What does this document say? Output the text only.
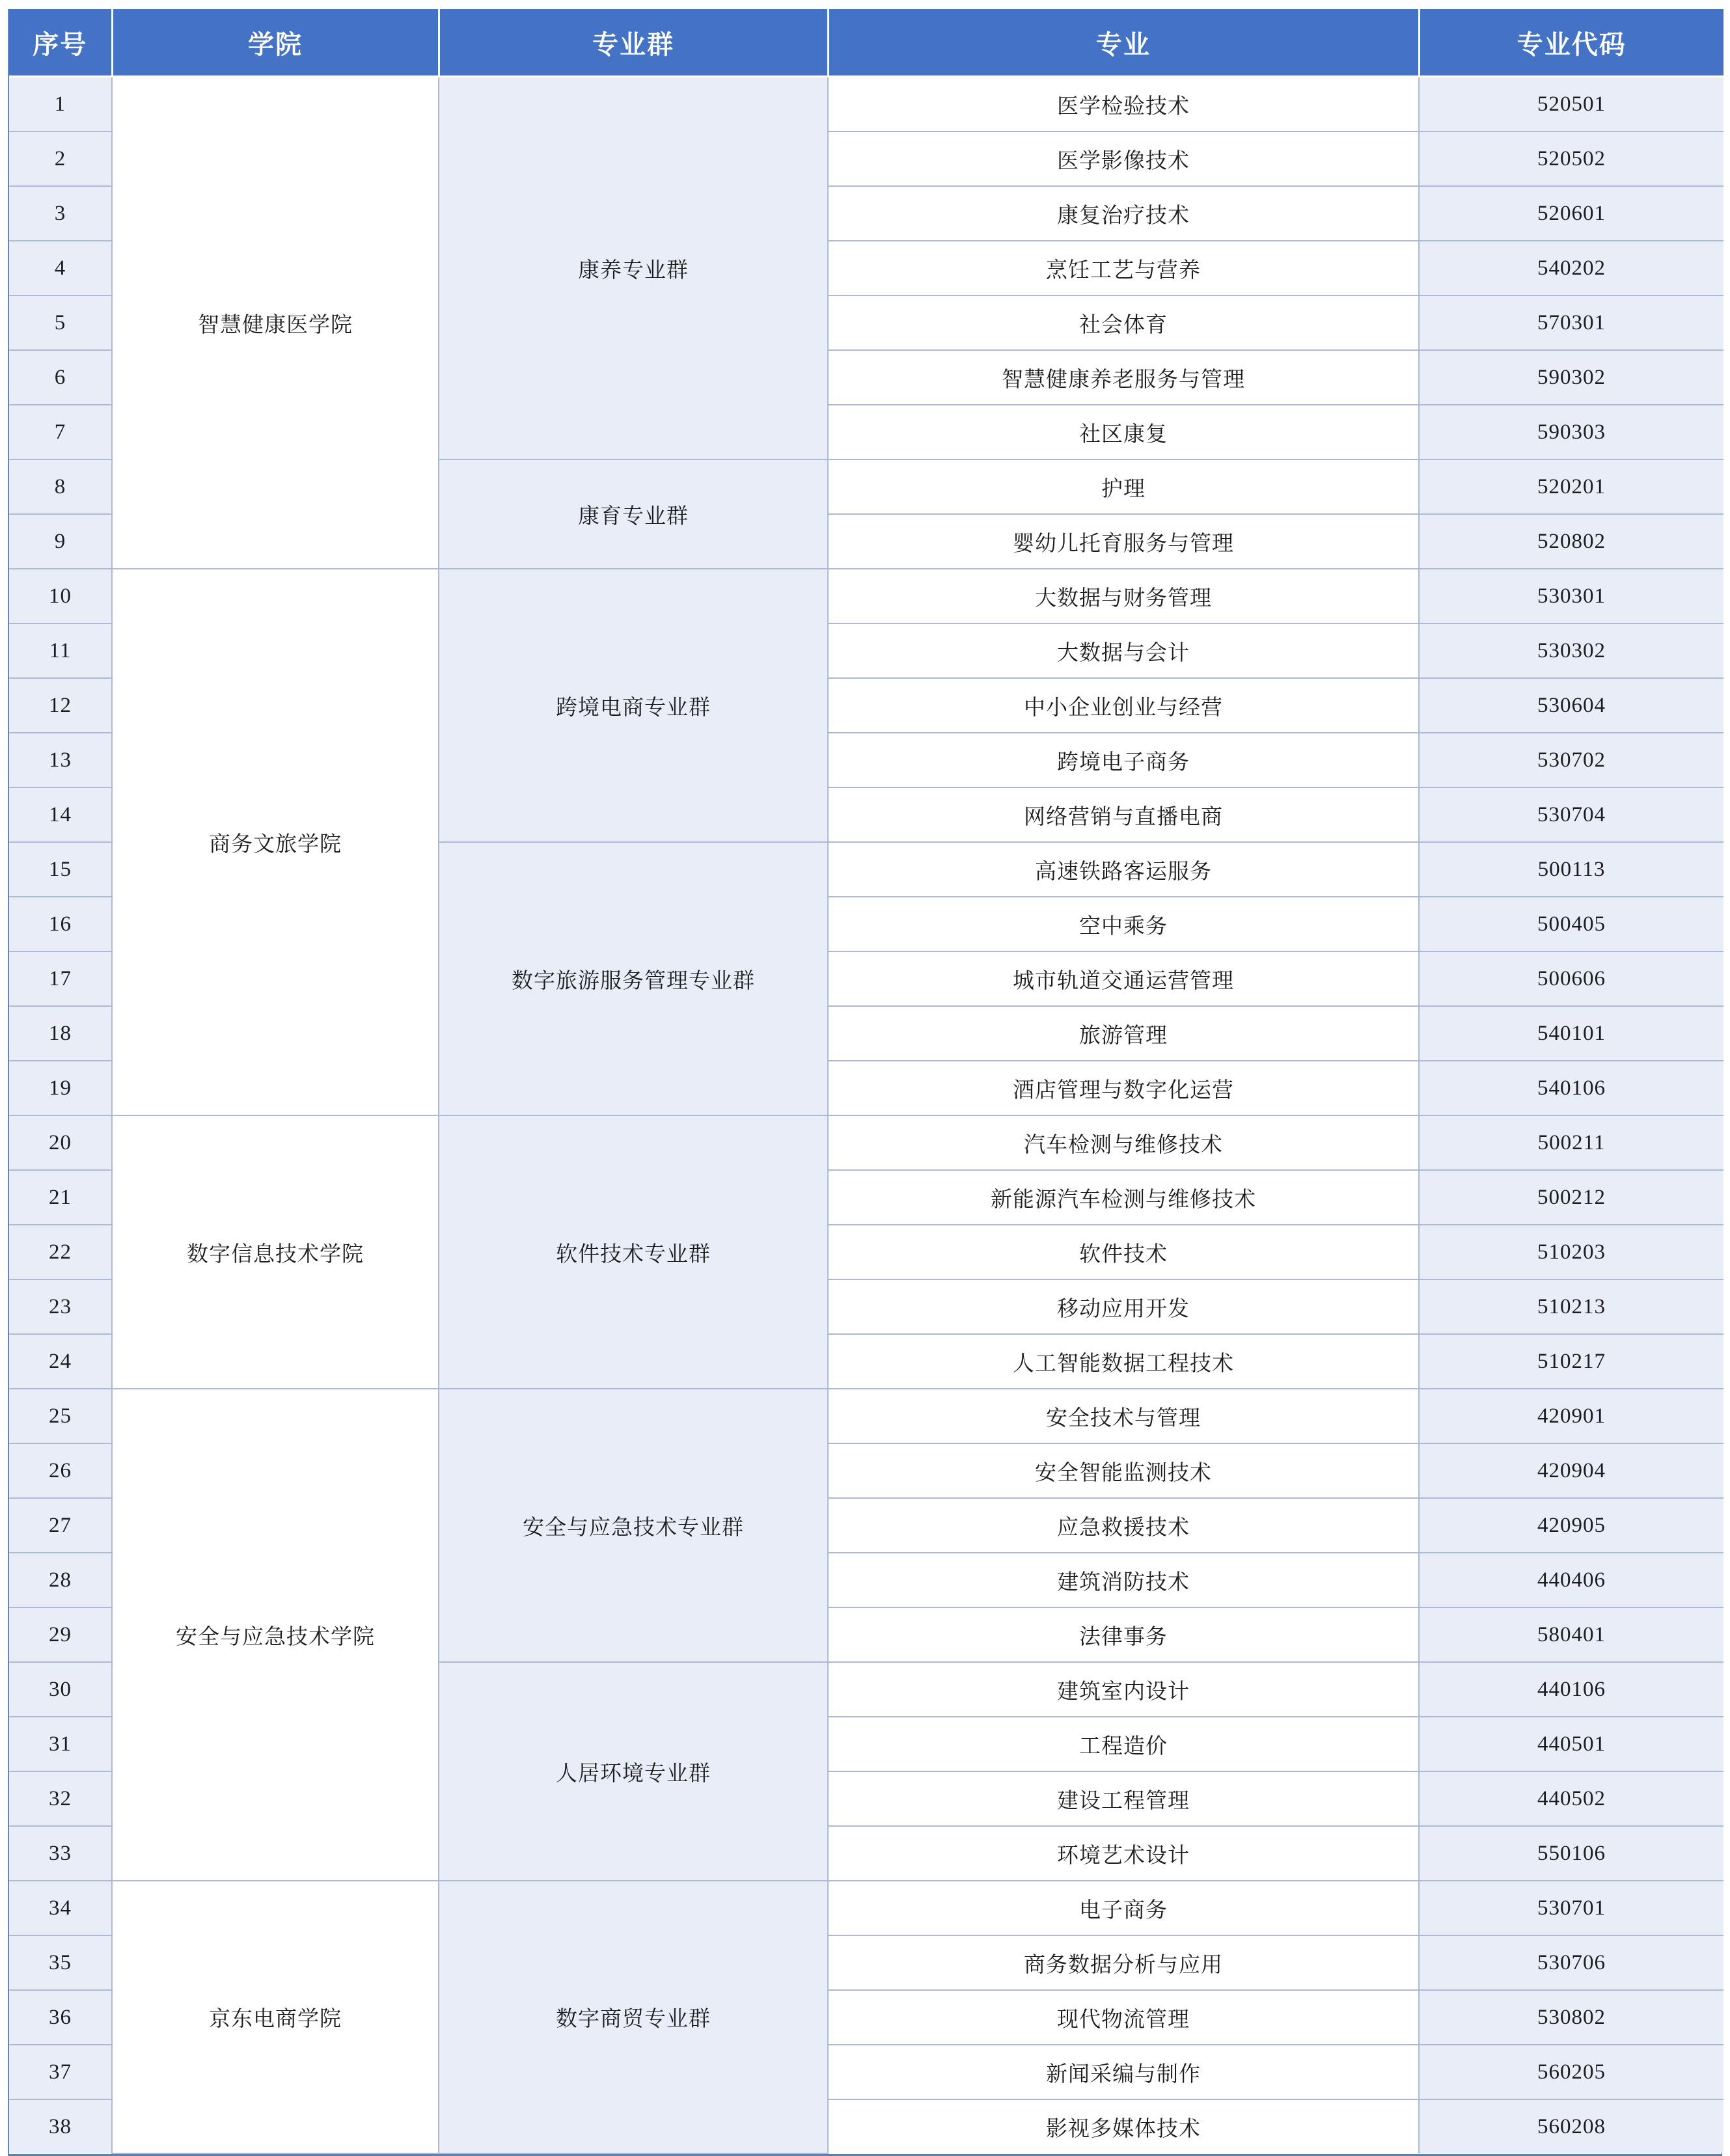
序号	学院	专业群	专业	专业代码
1	智慧健康医学院	康养专业群	医学检验技术	520501
2			医学影像技术	520502
3			康复治疗技术	520601
4			烹饪工艺与营养	540202
5			社会体育	570301
6			智慧健康养老服务与管理	590302
7			社区康复	590303
8		康育专业群	护理	520201
9			婴幼儿托育服务与管理	520802
10	商务文旅学院	跨境电商专业群	大数据与财务管理	530301
11			大数据与会计	530302
12			中小企业创业与经营	530604
13			跨境电子商务	530702
14			网络营销与直播电商	530704
15		数字旅游服务管理专业群	高速铁路客运服务	500113
16			空中乘务	500405
17			城市轨道交通运营管理	500606
18			旅游管理	540101
19			酒店管理与数字化运营	540106
20	数字信息技术学院	软件技术专业群	汽车检测与维修技术	500211
21			新能源汽车检测与维修技术	500212
22			软件技术	510203
23			移动应用开发	510213
24			人工智能数据工程技术	510217
25	安全与应急技术学院	安全与应急技术专业群	安全技术与管理	420901
26			安全智能监测技术	420904
27			应急救援技术	420905
28			建筑消防技术	440406
29			法律事务	580401
30		人居环境专业群	建筑室内设计	440106
31			工程造价	440501
32			建设工程管理	440502
33			环境艺术设计	550106
34	京东电商学院	数字商贸专业群	电子商务	530701
35			商务数据分析与应用	530706
36			现代物流管理	530802
37			新闻采编与制作	560205
38			影视多媒体技术	560208
